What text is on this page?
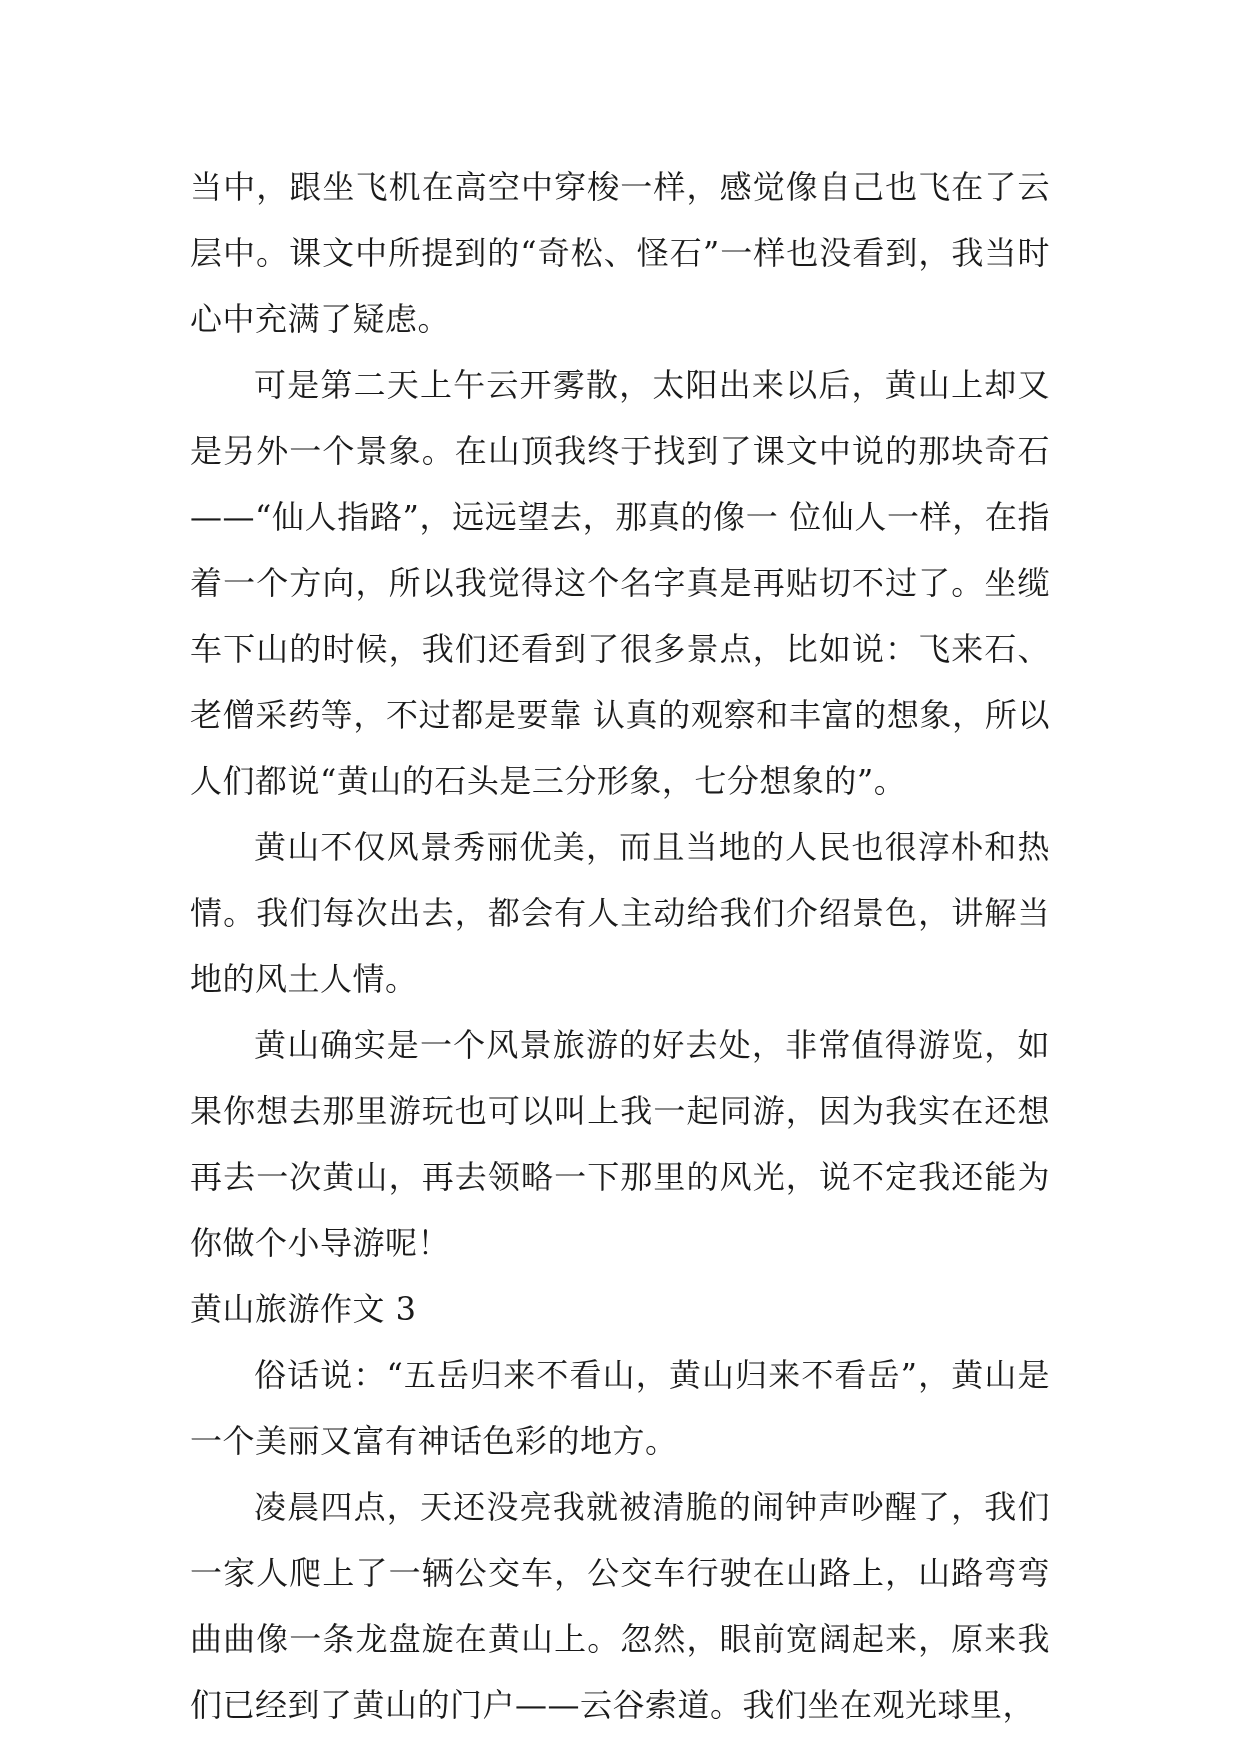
当中，跟坐飞机在高空中穿梭一样，感觉像自己也飞在了云层中。课文中所提到的“奇松、怪石”一样也没看到，我当时心中充满了疑虑。

可是第二天上午云开雾散，太阳出来以后，黄山上却又是另外一个景象。在山顶我终于找到了课文中说的那块奇石——“仙人指路”，远远望去，那真的像一 位仙人一样，在指着一个方向，所以我觉得这个名字真是再贴切不过了。坐缆车下山的时候，我们还看到了很多景点，比如说：飞来石、老僧采药等，不过都是要靠 认真的观察和丰富的想象，所以人们都说“黄山的石头是三分形象，七分想象的”。

黄山不仅风景秀丽优美，而且当地的人民也很淳朴和热情。我们每次出去，都会有人主动给我们介绍景色，讲解当地的风土人情。

黄山确实是一个风景旅游的好去处，非常值得游览，如果你想去那里游玩也可以叫上我一起同游，因为我实在还想再去一次黄山，再去领略一下那里的风光，说不定我还能为你做个小导游呢！

黄山旅游作文 3

俗话说：“五岳归来不看山，黄山归来不看岳”，黄山是一个美丽又富有神话色彩的地方。

凌晨四点，天还没亮我就被清脆的闹钟声吵醒了，我们一家人爬上了一辆公交车，公交车行驶在山路上，山路弯弯曲曲像一条龙盘旋在黄山上。忽然，眼前宽阔起来，原来我们已经到了黄山的门户——云谷索道。我们坐在观光球里，
